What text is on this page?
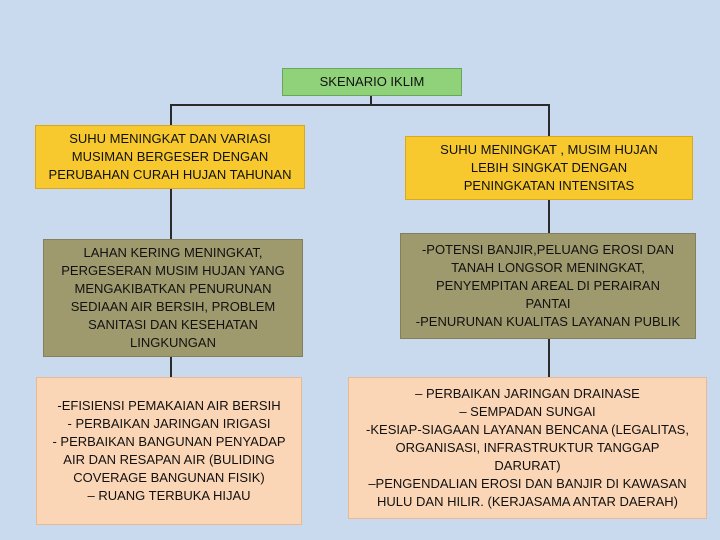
SKENARIO IKLIM
SUHU MENINGKAT DAN VARIASI
MUSIMAN BERGESER DENGAN
PERUBAHAN CURAH HUJAN TAHUNAN
LAHAN KERING MENINGKAT,
PERGESERAN MUSIM HUJAN YANG
MENGAKIBATKAN PENURUNAN
SEDIAAN AIR BERSIH, PROBLEM
SANITASI DAN KESEHATAN
LINGKUNGAN
-EFISIENSI PEMAKAIAN AIR BERSIH
- PERBAIKAN JARINGAN IRIGASI
- PERBAIKAN BANGUNAN PENYADAP
AIR DAN RESAPAN AIR (BULIDING
COVERAGE BANGUNAN FISIK)
– RUANG TERBUKA HIJAU
SUHU MENINGKAT , MUSIM HUJAN
LEBIH SINGKAT DENGAN
PENINGKATAN INTENSITAS
-POTENSI BANJIR,PELUANG EROSI DAN
TANAH LONGSOR MENINGKAT,
PENYEMPITAN AREAL DI PERAIRAN
PANTAI
-PENURUNAN KUALITAS LAYANAN PUBLIK
– PERBAIKAN JARINGAN DRAINASE
– SEMPADAN SUNGAI
-KESIAP-SIAGAAN LAYANAN BENCANA (LEGALITAS,
ORGANISASI, INFRASTRUKTUR TANGGAP
DARURAT)
–PENGENDALIAN EROSI DAN BANJIR DI KAWASAN
HULU DAN HILIR. (KERJASAMA ANTAR DAERAH)
